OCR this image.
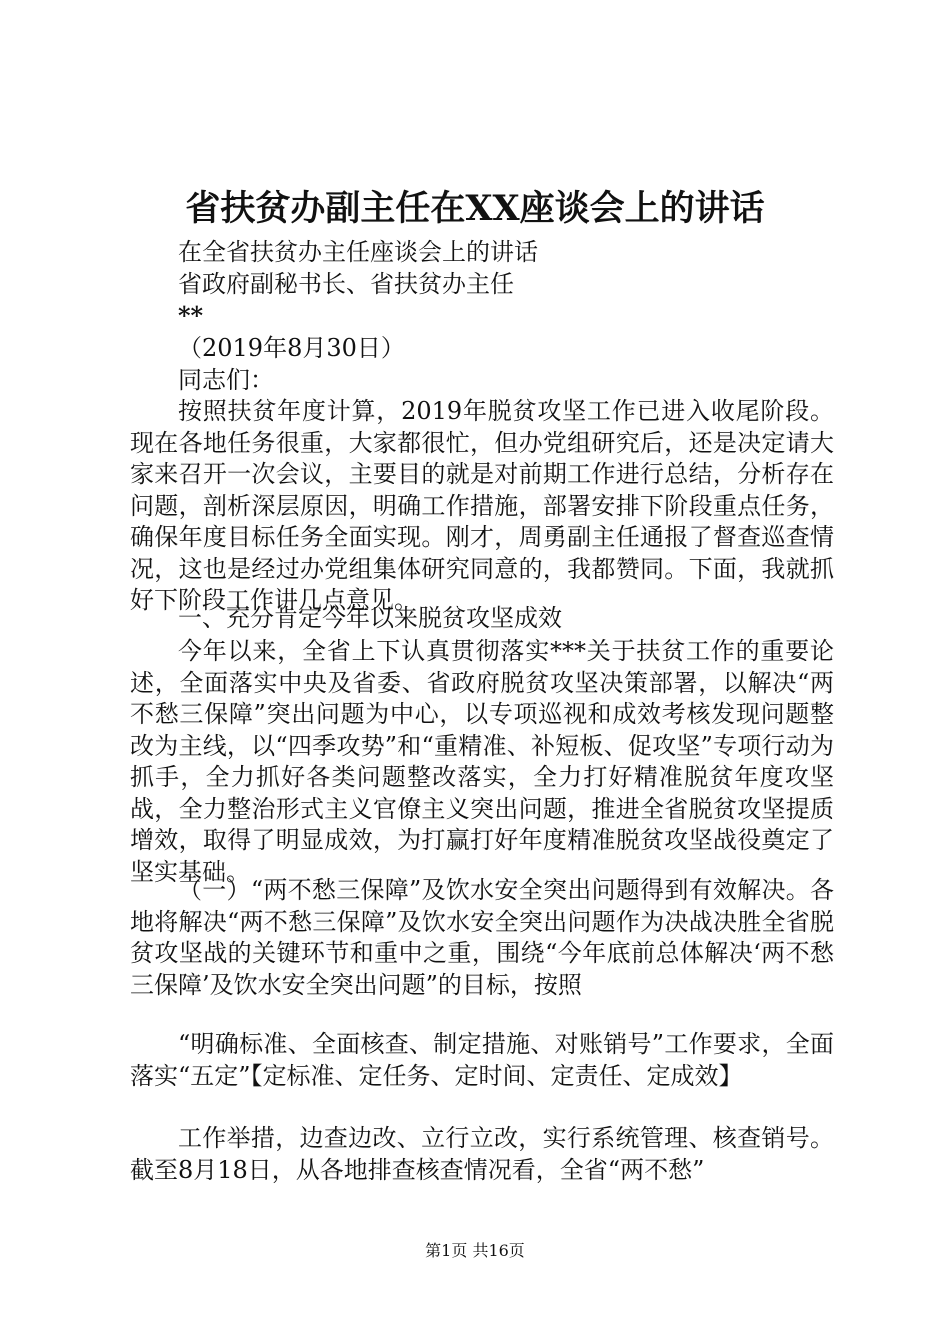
省扶贫办副主任在XX座谈会上的讲话
在全省扶贫办主任座谈会上的讲话
省政府副秘书长、省扶贫办主任
**
（2019年8月30日）
同志们：
按照扶贫年度计算，2019年脱贫攻坚工作已进入收尾阶段。现在各地任务很重，大家都很忙，但办党组研究后，还是决定请大家来召开一次会议，主要目的就是对前期工作进行总结，分析存在问题，剖析深层原因，明确工作措施，部署安排下阶段重点任务，确保年度目标任务全面实现。刚才，周勇副主任通报了督查巡查情况，这也是经过办党组集体研究同意的，我都赞同。下面，我就抓好下阶段工作讲几点意见。
一、充分肯定今年以来脱贫攻坚成效
今年以来，全省上下认真贯彻落实***关于扶贫工作的重要论述，全面落实中央及省委、省政府脱贫攻坚决策部署，以解决“两不愁三保障”突出问题为中心，以专项巡视和成效考核发现问题整改为主线，以“四季攻势”和“重精准、补短板、促攻坚”专项行动为抓手，全力抓好各类问题整改落实，全力打好精准脱贫年度攻坚战，全力整治形式主义官僚主义突出问题，推进全省脱贫攻坚提质增效，取得了明显成效，为打赢打好年度精准脱贫攻坚战役奠定了坚实基础。
（一）“两不愁三保障”及饮水安全突出问题得到有效解决。各地将解决“两不愁三保障”及饮水安全突出问题作为决战决胜全省脱贫攻坚战的关键环节和重中之重，围绕“今年底前总体解决‘两不愁三保障’及饮水安全突出问题”的目标，按照
“明确标准、全面核查、制定措施、对账销号”工作要求，全面落实“五定”【定标准、定任务、定时间、定责任、定成效】
工作举措，边查边改、立行立改，实行系统管理、核查销号。截至8月18日，从各地排查核查情况看，全省“两不愁”
第1页 共16页
